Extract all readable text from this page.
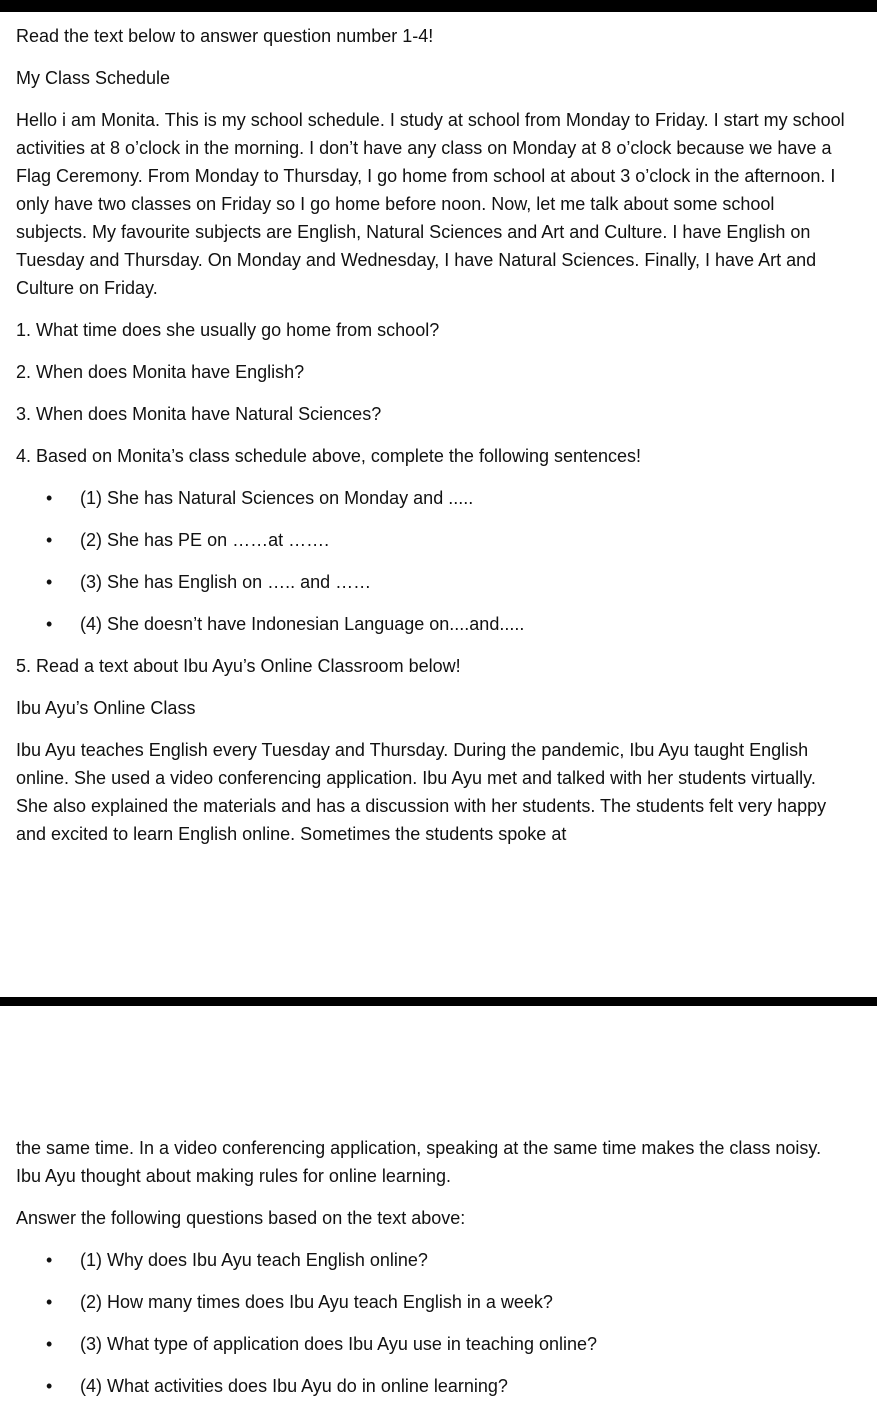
Read the text below to answer question number 1-4!

My Class Schedule

Hello i am Monita. This is my school schedule. I study at school from Monday to Friday. I start my school activities at 8 o’clock in the morning. I don’t have any class on Monday at 8 o’clock because we have a Flag Ceremony. From Monday to Thursday, I go home from school at about 3 o’clock in the afternoon. I only have two classes on Friday so I go home before noon. Now, let me talk about some school subjects. My favourite subjects are English, Natural Sciences and Art and Culture. I have English on Tuesday and Thursday. On Monday and Wednesday, I have Natural Sciences. Finally, I have Art and Culture on Friday.

1. What time does she usually go home from school?

2. When does Monita have English?

3. When does Monita have Natural Sciences?

4. Based on Monita’s class schedule above, complete the following sentences!

• (1) She has Natural Sciences on Monday and .....
• (2) She has PE on ……at …….
• (3) She has English on ….. and ……
• (4) She doesn’t have Indonesian Language on....and.....

5. Read a text about Ibu Ayu’s Online Classroom below!

Ibu Ayu’s Online Class

Ibu Ayu teaches English every Tuesday and Thursday. During the pandemic, Ibu Ayu taught English online. She used a video conferencing application. Ibu Ayu met and talked with her students virtually. She also explained the materials and has a discussion with her students. The students felt very happy and excited to learn English online. Sometimes the students spoke at

the same time. In a video conferencing application, speaking at the same time makes the class noisy. Ibu Ayu thought about making rules for online learning.

Answer the following questions based on the text above:

• (1) Why does Ibu Ayu teach English online?
• (2) How many times does Ibu Ayu teach English in a week?
• (3) What type of application does Ibu Ayu use in teaching online?
• (4) What activities does Ibu Ayu do in online learning?
